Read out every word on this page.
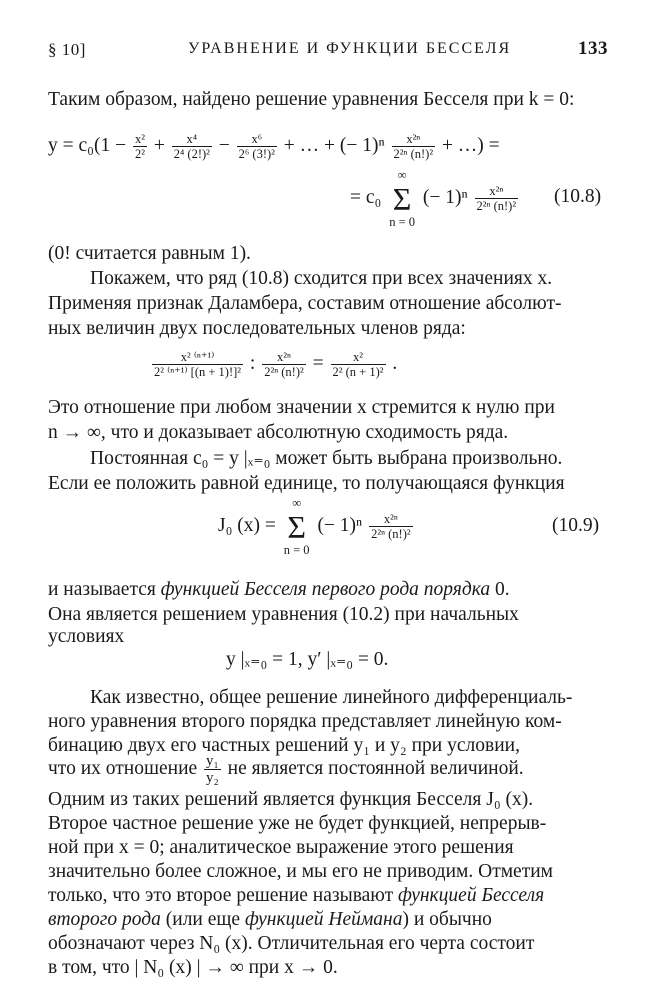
§ 10]	УРАВНЕНИЕ И ФУНКЦИИ БЕССЕЛЯ	133
Таким образом, найдено решение уравнения Бесселя при k = 0:
$y = c_0(1 - \frac{\text{x²}}{\text{2²}} + \frac{\text{x⁴}}{\text{2⁴ (2!)²}} - \frac{\text{x⁶}}{\text{2⁶ (3!)²}}$ + … + (− $1)^n \frac{\text{x²ⁿ}}{\text{2²ⁿ (n!)²}}$ + …) =
= c₀
∞
Σ
n = 0
(− $1)^n \frac{\text{x²ⁿ}}{\text{2²ⁿ (n!)²}} (10.8)$
(0! считается равным 1).
Покажем, что ряд (10.8) сходится при всех значениях x.
Применяя признак Даламбера, составим отношение абсолют-
ных величин двух последовательных членов ряда:
$\frac{\text{x² ⁽ⁿ⁺¹⁾}}{\text{2² ⁽ⁿ⁺¹⁾ [(n + 1)!]²}}$ : $\frac{\text{x²ⁿ}}{\text{2²ⁿ (n!)²}} = \frac{\text{x²}}{\text{2² (n + 1)²}}$ .
Это отношение при любом значении x стремится к нулю при
n → ∞, что и доказывает абсолютную сходимость ряда.
Постоянная c₀ = y |ₓ₌₀ может быть выбрана произвольно.
Если ее положить равной единице, то получающаяся функция
J₀ (x) =
∞
Σ
n = 0
(− $1)^n \frac{\text{x²ⁿ}}{\text{2²ⁿ (n!)²}}$	(10.9)
и называется функцией Бесселя первого рода порядка 0.
Она является решением уравнения (10.2) при начальных
условиях
y |ₓ₌₀ = 1, y′ |ₓ₌₀ = 0.
Как известно, общее решение линейного дифференциаль-
ного уравнения второго порядка представляет линейную ком-
бинацию двух его частных решений y₁ и y₂ при условии,
что их отношение $\frac{\text{y₁}}{\text{y₂}}$ не является постоянной величиной.
Одним из таких решений является функция Бесселя J₀ (x).
Второе частное решение уже не будет функцией, непрерыв-
ной при x = 0; аналитическое выражение этого решения
значительно более сложное, и мы его не приводим. Отметим
только, что это второе решение называют функцией Бесселя
второго рода (или еще функцией Неймана) и обычно
обозначают через N₀ (x). Отличительная его черта состоит
в том, что | N₀ (x) | → ∞ при x → 0.
